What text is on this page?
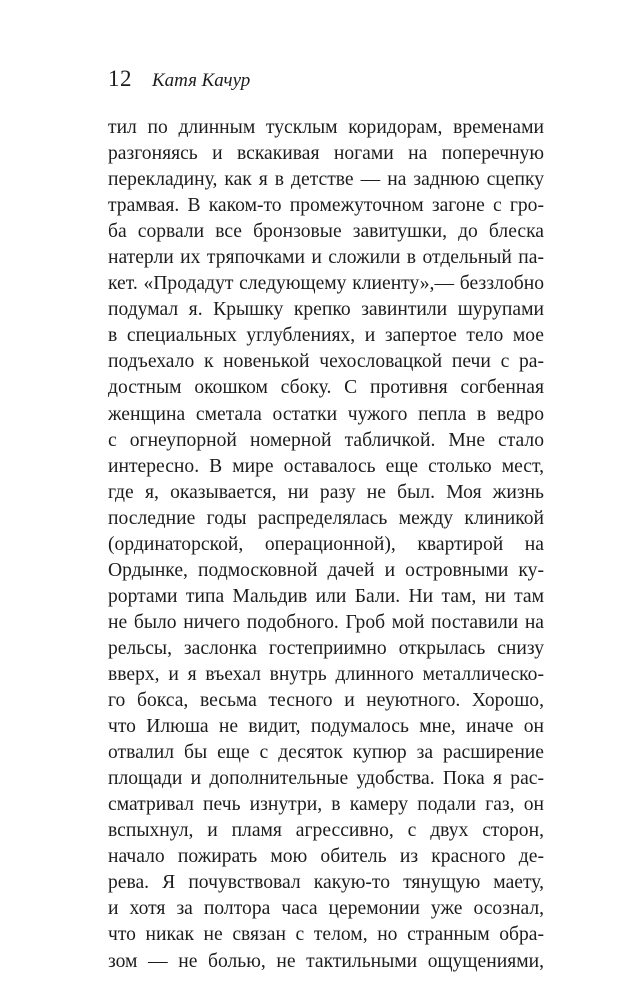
12 Катя Качур
тил по длинным тусклым коридорам, временами
разгоняясь и вскакивая ногами на поперечную
перекладину, как я в детстве — на заднюю сцепку
трамвая. В каком-то промежуточном загоне с гро-
ба сорвали все бронзовые завитушки, до блеска
натерли их тряпочками и сложили в отдельный па-
кет. «Продадут следующему клиенту»,— беззлобно
подумал я. Крышку крепко завинтили шурупами
в специальных углублениях, и запертое тело мое
подъехало к новенькой чехословацкой печи с ра-
достным окошком сбоку. С противня согбенная
женщина сметала остатки чужого пепла в ведро
с огнеупорной номерной табличкой. Мне стало
интересно. В мире оставалось еще столько мест,
где я, оказывается, ни разу не был. Моя жизнь
последние годы распределялась между клиникой
(ординаторской, операционной), квартирой на
Ордынке, подмосковной дачей и островными ку-
рортами типа Мальдив или Бали. Ни там, ни там
не было ничего подобного. Гроб мой поставили на
рельсы, заслонка гостеприимно открылась снизу
вверх, и я въехал внутрь длинного металлическо-
го бокса, весьма тесного и неуютного. Хорошо,
что Илюша не видит, подумалось мне, иначе он
отвалил бы еще с десяток купюр за расширение
площади и дополнительные удобства. Пока я рас-
сматривал печь изнутри, в камеру подали газ, он
вспыхнул, и пламя агрессивно, с двух сторон,
начало пожирать мою обитель из красного де-
рева. Я почувствовал какую-то тянущую маету,
и хотя за полтора часа церемонии уже осознал,
что никак не связан с телом, но странным обра-
зом — не болью, не тактильными ощущениями,
